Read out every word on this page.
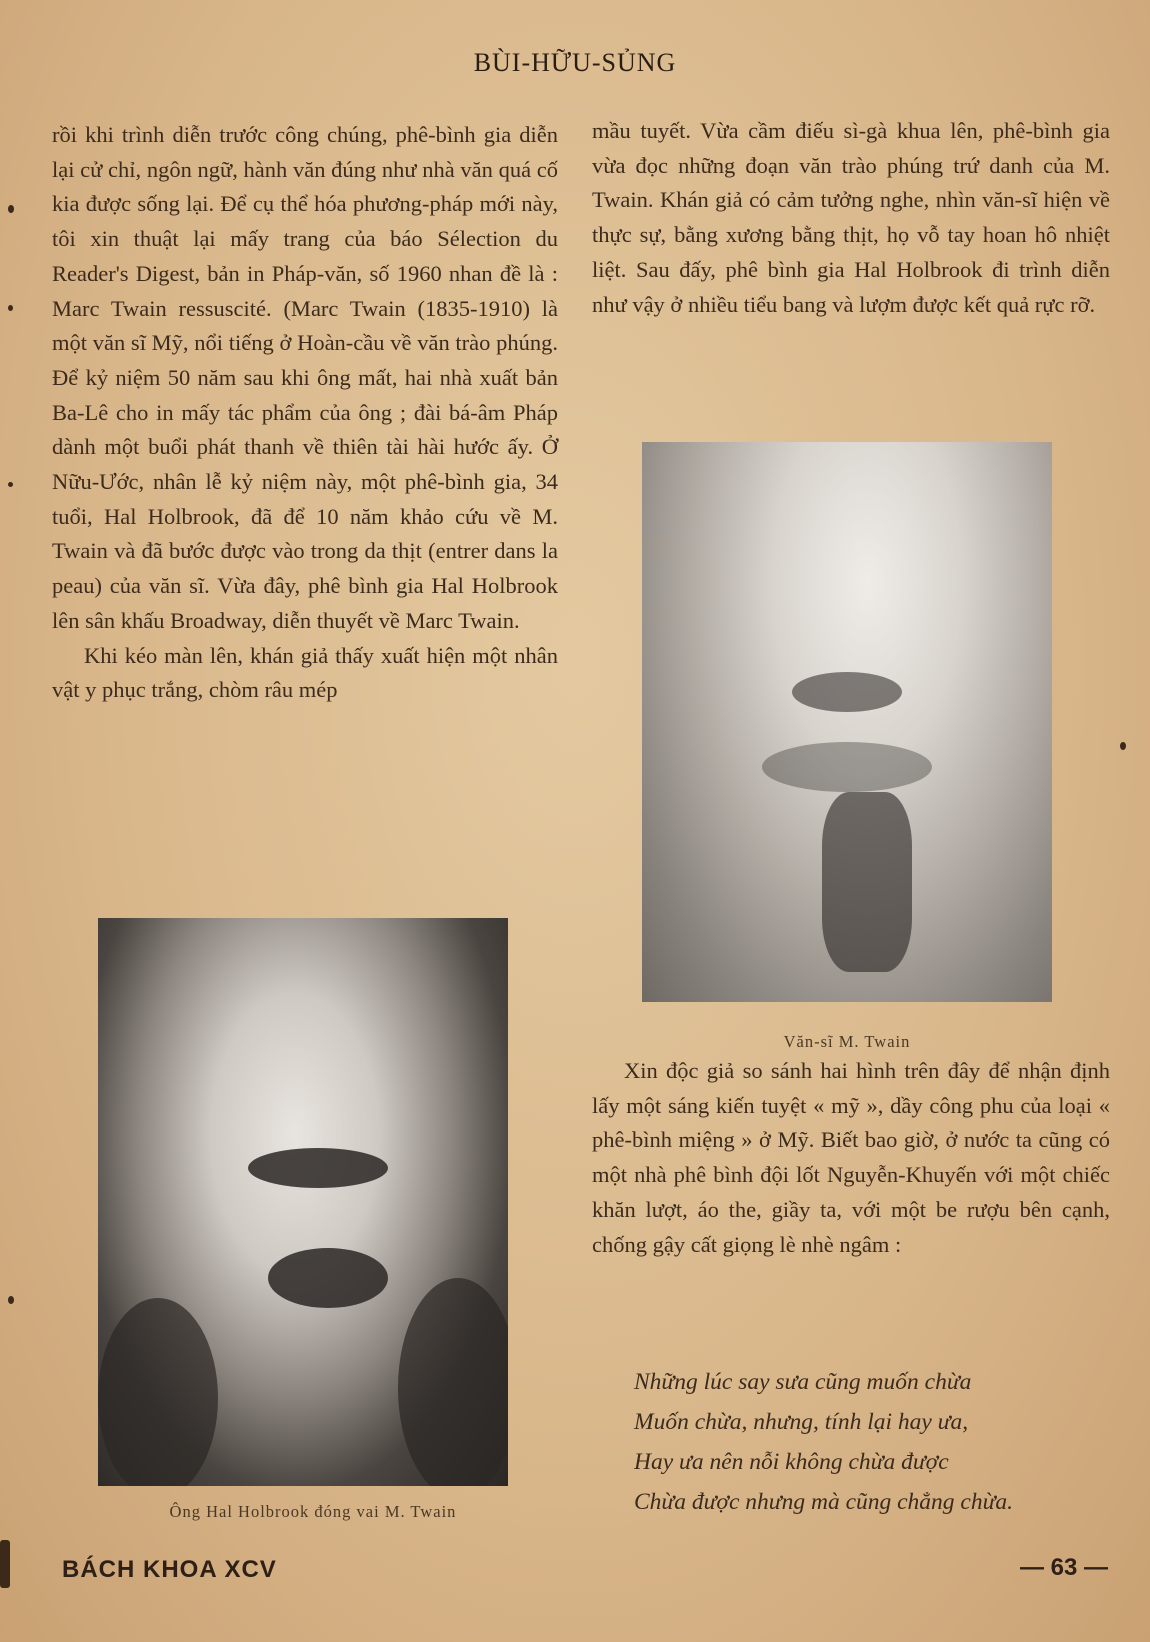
BÙI-HỮU-SỦNG

rồi khi trình diễn trước công chúng, phê-bình gia diễn lại cử chỉ, ngôn ngữ, hành văn đúng như nhà văn quá cố kia được sống lại. Để cụ thể hóa phương-pháp mới này, tôi xin thuật lại mấy trang của báo Sélection du Reader's Digest, bản in Pháp-văn, số 1960 nhan đề là : Marc Twain ressuscité. (Marc Twain (1835-1910) là một văn sĩ Mỹ, nổi tiếng ở Hoàn-cầu về văn trào phúng. Để kỷ niệm 50 năm sau khi ông mất, hai nhà xuất bản Ba-Lê cho in mấy tác phẩm của ông ; đài bá-âm Pháp dành một buổi phát thanh về thiên tài hài hước ấy. Ở Nữu-Ước, nhân lễ kỷ niệm này, một phê-bình gia, 34 tuổi, Hal Holbrook, đã để 10 năm khảo cứu về M. Twain và đã bước được vào trong da thịt (entrer dans la peau) của văn sĩ. Vừa đây, phê bình gia Hal Holbrook lên sân khấu Broadway, diễn thuyết về Marc Twain.

Khi kéo màn lên, khán giả thấy xuất hiện một nhân vật y phục trắng, chòm râu mép

mầu tuyết. Vừa cầm điếu sì-gà khua lên, phê-bình gia vừa đọc những đoạn văn trào phúng trứ danh của M. Twain. Khán giả có cảm tưởng nghe, nhìn văn-sĩ hiện về thực sự, bằng xương bằng thịt, họ vỗ tay hoan hô nhiệt liệt. Sau đấy, phê bình gia Hal Holbrook đi trình diễn như vậy ở nhiều tiểu bang và lượm được kết quả rực rỡ.

Văn-sĩ M. Twain

Xin độc giả so sánh hai hình trên đây để nhận định lấy một sáng kiến tuyệt « mỹ », dầy công phu của loại « phê-bình miệng » ở Mỹ. Biết bao giờ, ở nước ta cũng có một nhà phê bình đội lốt Nguyễn-Khuyến với một chiếc khăn lượt, áo the, giầy ta, với một be rượu bên cạnh, chống gậy cất giọng lè nhè ngâm :

Những lúc say sưa cũng muốn chừa
Muốn chừa, nhưng, tính lại hay ưa,
Hay ưa nên nỗi không chừa được
Chừa được nhưng mà cũng chẳng chừa.
Ông Hal Holbrook đóng vai M. Twain
BÁCH KHOA XCV	— 63 —
